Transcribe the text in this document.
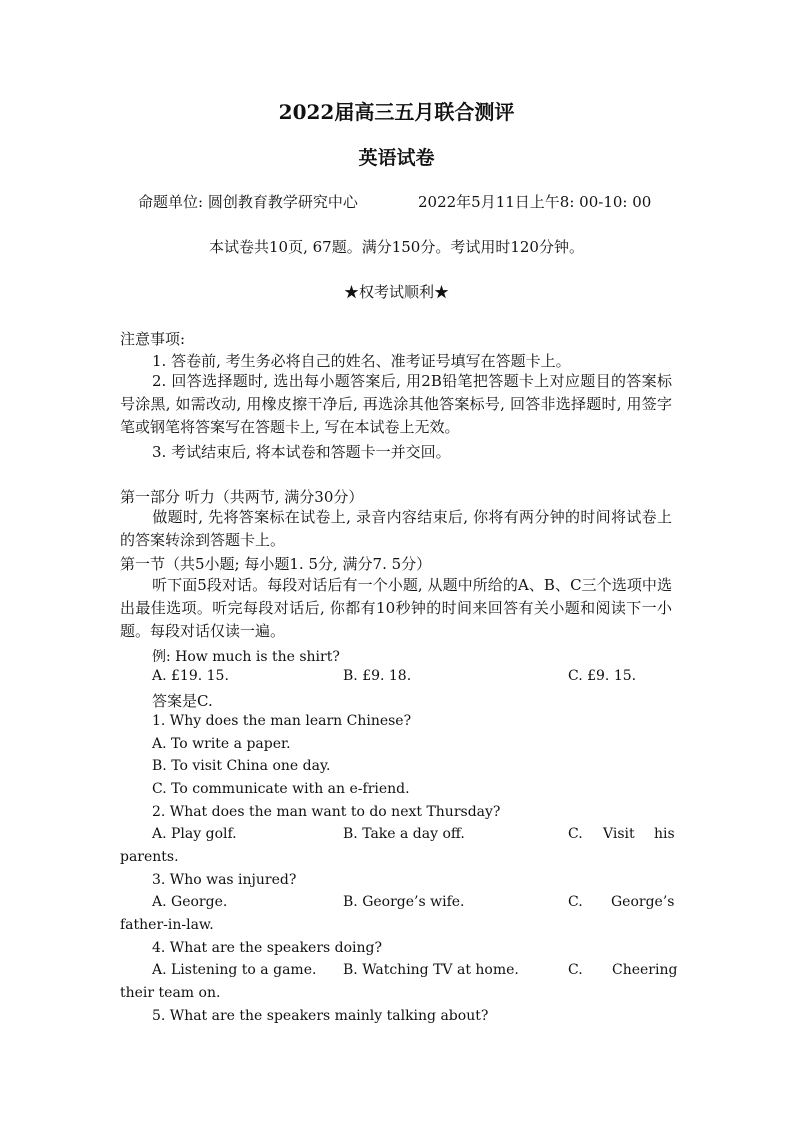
2022届高三五月联合测评
英语试卷
命题单位: 圆创教育教学研究中心	2022年5月11日上午8: 00-10: 00
本试卷共10页, 67题。满分150分。考试用时120分钟。
★权考试顺利★
注意事项:
1. 答卷前, 考生务必将自己的姓名、准考证号填写在答题卡上。
2. 回答选择题时, 选出每小题答案后, 用2B铅笔把答题卡上对应题目的答案标号涂黑, 如需改动, 用橡皮擦干净后, 再选涂其他答案标号, 回答非选择题时, 用签字笔或钢笔将答案写在答题卡上, 写在本试卷上无效。
3. 考试结束后, 将本试卷和答题卡一并交回。
第一部分 听力（共两节, 满分30分）
做题时, 先将答案标在试卷上, 录音内容结束后, 你将有两分钟的时间将试卷上的答案转涂到答题卡上。
第一节（共5小题; 每小题1. 5分, 满分7. 5分）
听下面5段对话。每段对话后有一个小题, 从题中所给的A、B、C三个选项中选出最佳选项。听完每段对话后, 你都有10秒钟的时间来回答有关小题和阅读下一小题。每段对话仅读一遍。
例: How much is the shirt?
A. £19. 15.	B. £9. 18.	C. £9. 15.
答案是C.
1. Why does the man learn Chinese?
A. To write a paper.
B. To visit China one day.
C. To communicate with an e-friend.
2. What does the man want to do next Thursday?
A. Play golf.	B. Take a day off.	C. Visit his
parents.
3. Who was injured?
A. George.	B. George’s wife.	C. George’s
father-in-law.
4. What are the speakers doing?
A. Listening to a game. B. Watching TV at home.	C. Cheering
their team on.
5. What are the speakers mainly talking about?
